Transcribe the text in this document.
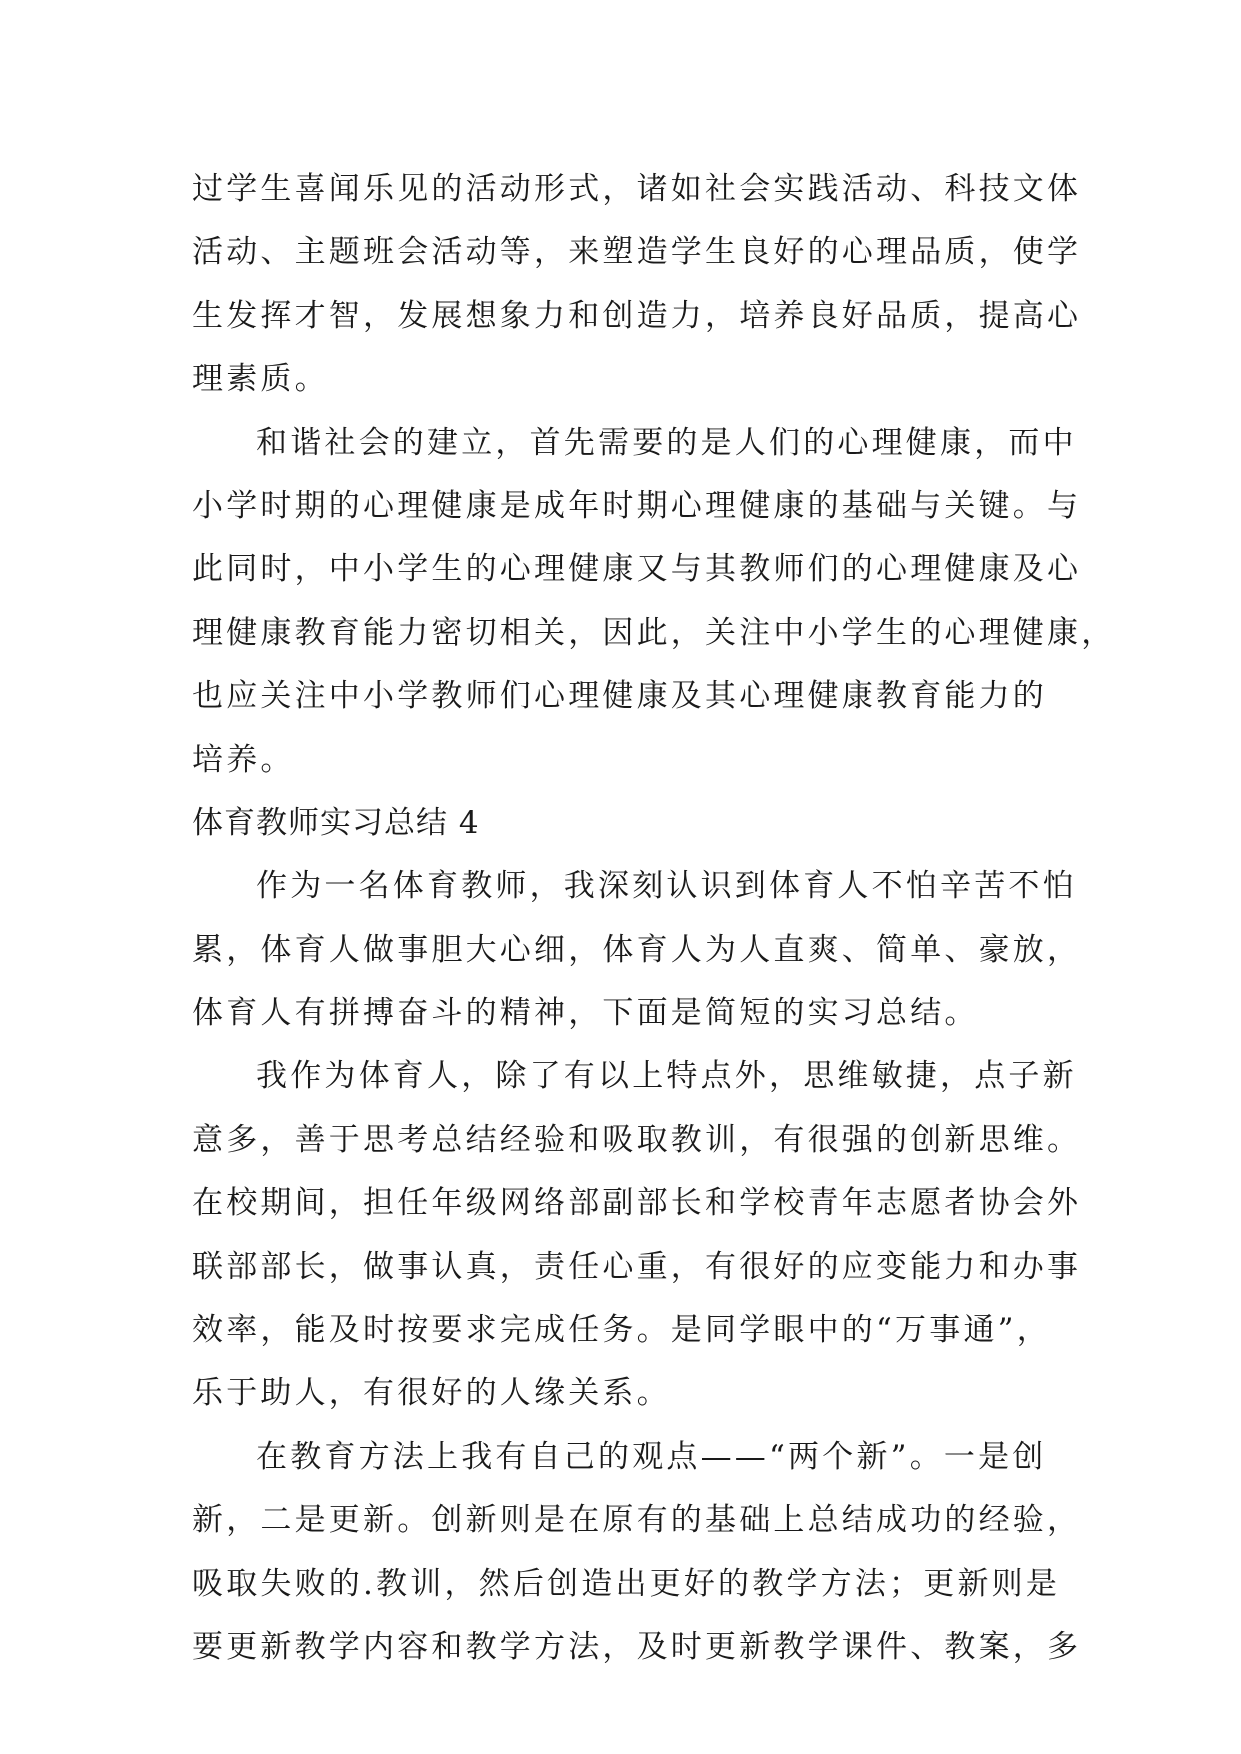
过学生喜闻乐见的活动形式，诸如社会实践活动、科技文体
活动、主题班会活动等，来塑造学生良好的心理品质，使学
生发挥才智，发展想象力和创造力，培养良好品质，提高心
理素质。
和谐社会的建立，首先需要的是人们的心理健康，而中
小学时期的心理健康是成年时期心理健康的基础与关键。与
此同时，中小学生的心理健康又与其教师们的心理健康及心
理健康教育能力密切相关，因此，关注中小学生的心理健康，
也应关注中小学教师们心理健康及其心理健康教育能力的
培养。
体育教师实习总结 4
作为一名体育教师，我深刻认识到体育人不怕辛苦不怕
累，体育人做事胆大心细，体育人为人直爽、简单、豪放，
体育人有拼搏奋斗的精神，下面是简短的实习总结。
我作为体育人，除了有以上特点外，思维敏捷，点子新
意多，善于思考总结经验和吸取教训，有很强的创新思维。
在校期间，担任年级网络部副部长和学校青年志愿者协会外
联部部长，做事认真，责任心重，有很好的应变能力和办事
效率，能及时按要求完成任务。是同学眼中的“万事通”，
乐于助人，有很好的人缘关系。
在教育方法上我有自己的观点——“两个新”。一是创
新，二是更新。创新则是在原有的基础上总结成功的经验，
吸取失败的.教训，然后创造出更好的教学方法；更新则是
要更新教学内容和教学方法，及时更新教学课件、教案，多
